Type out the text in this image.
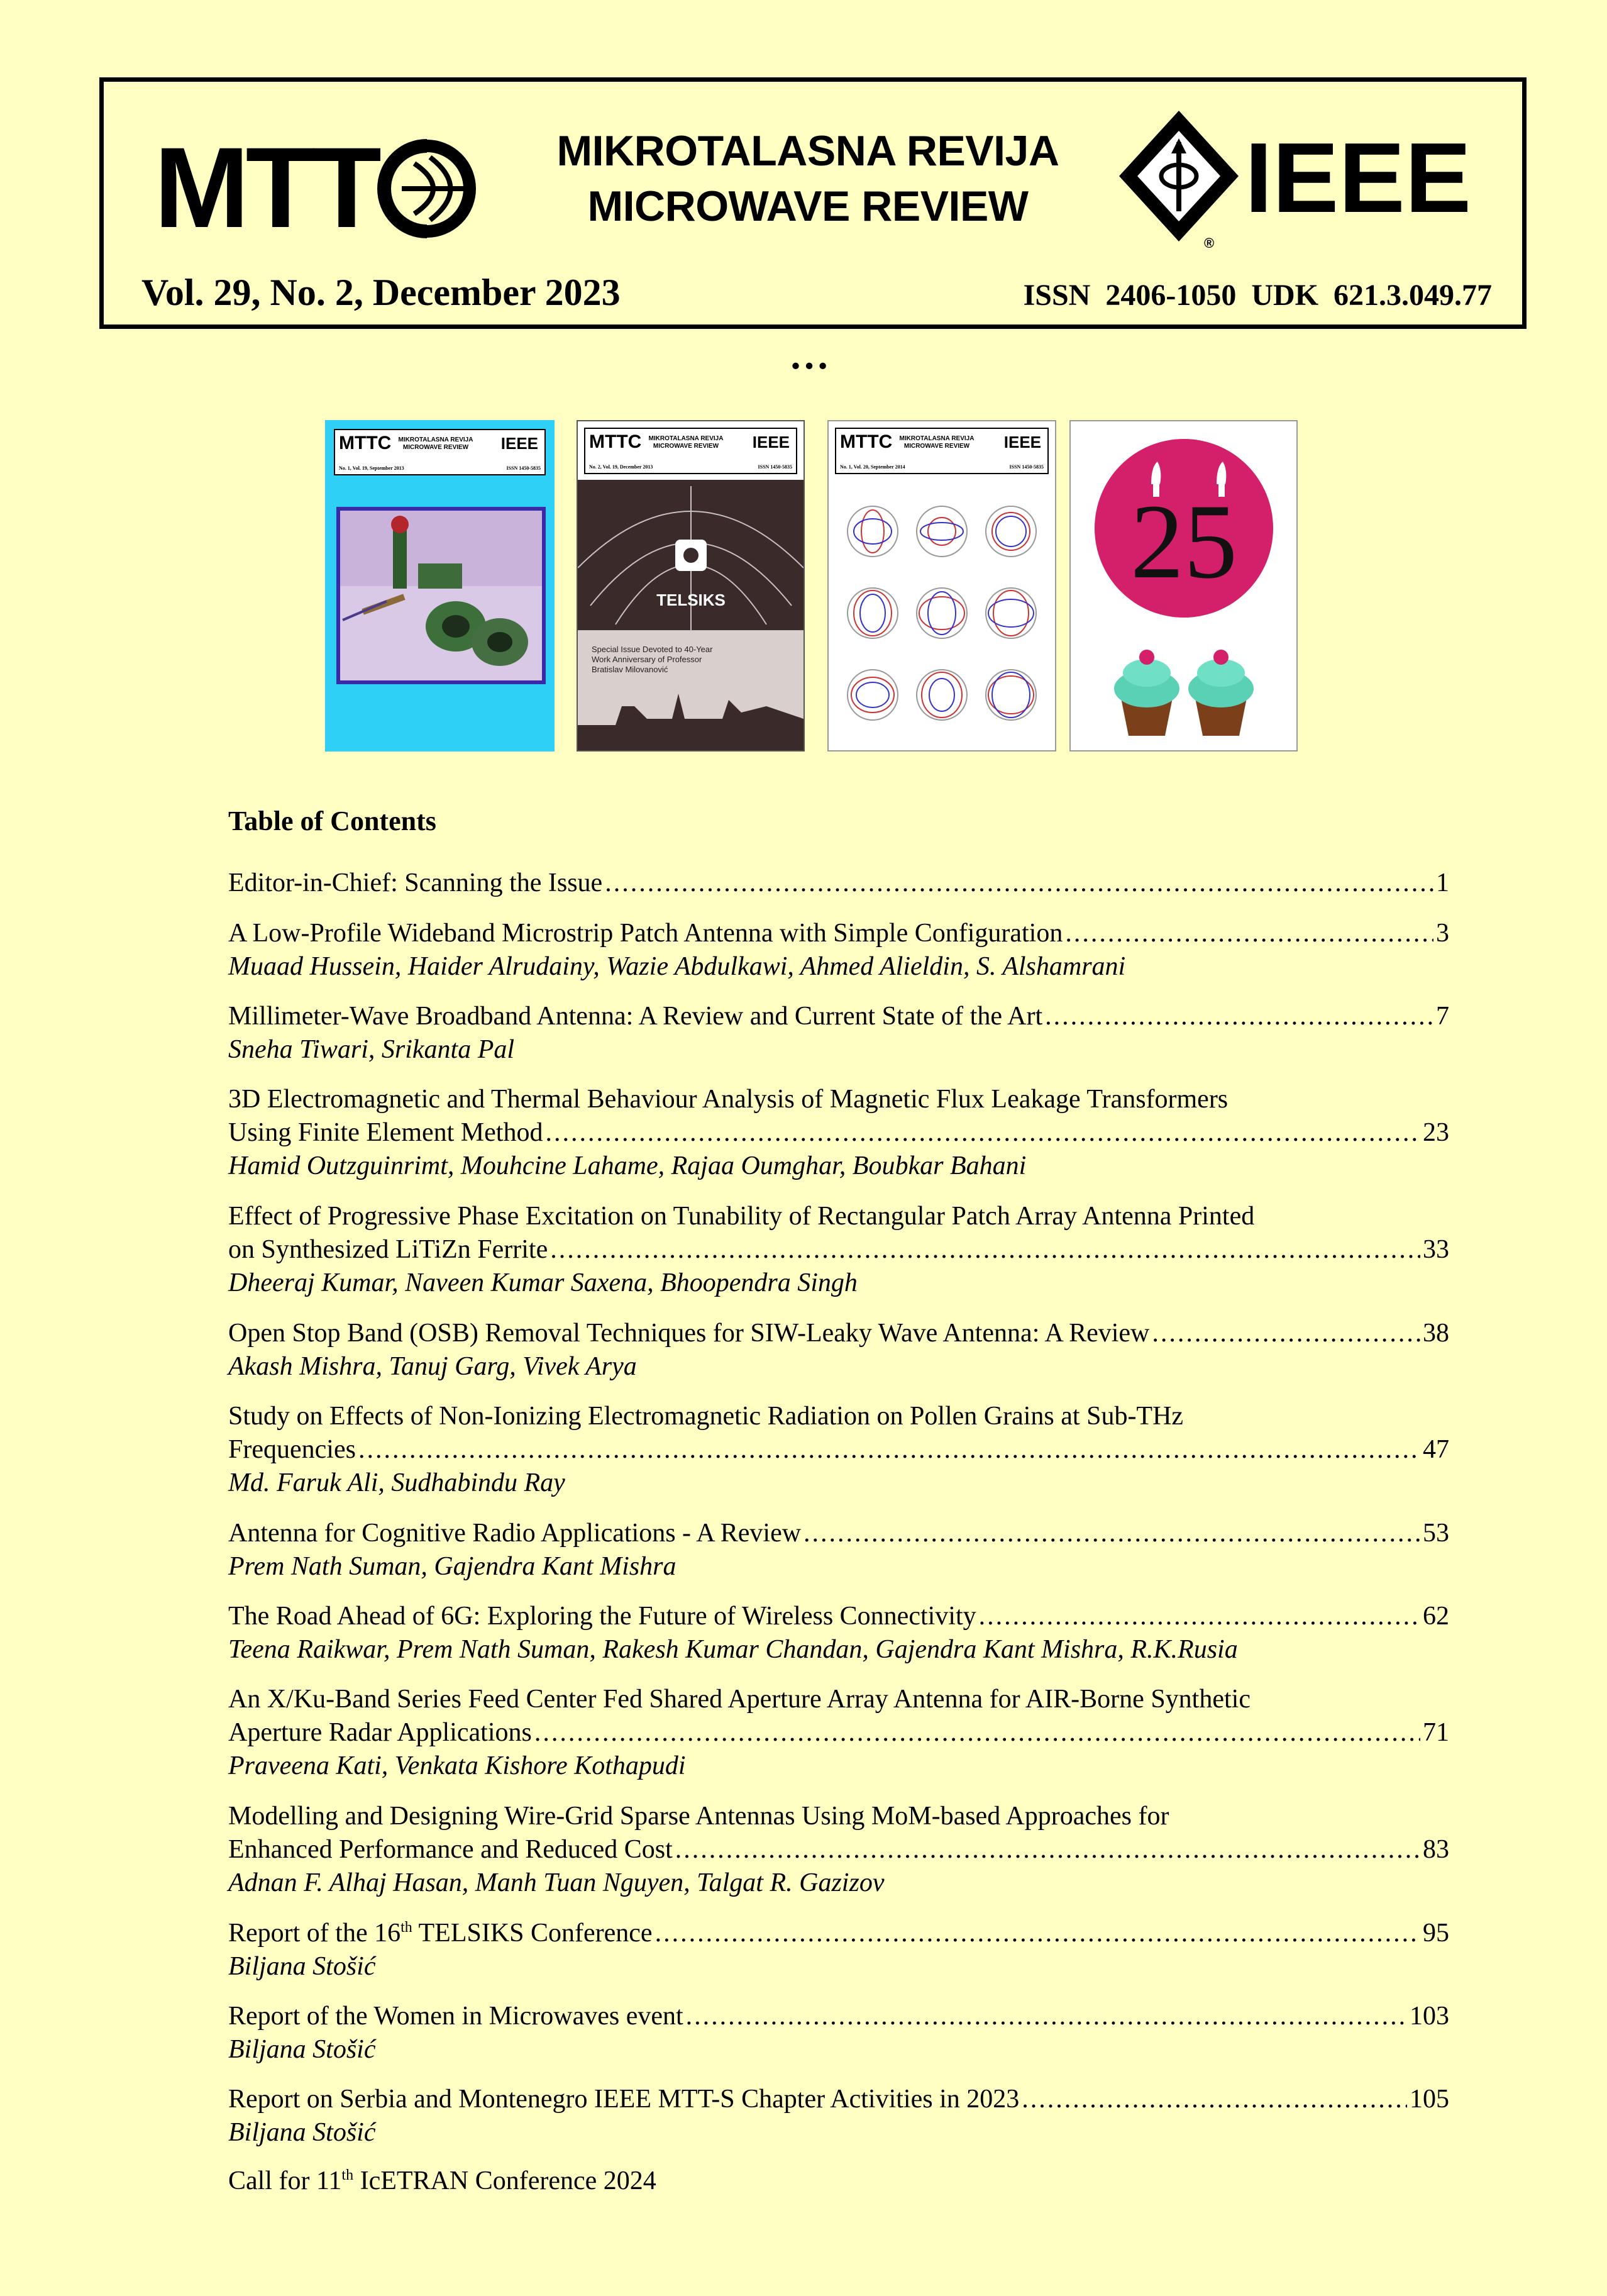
MTT	MIKROTALASNA REVIJA
MICROWAVE REVIEW
®
IEEE
Vol. 29, No. 2, December 2023	ISSN 2406-1050 UDK 621.3.049.77
…
MTTC MIKROTALASNA REVIJA MICROWAVE REVIEW	IEEE
No. 1, Vol. 19, September 2013	ISSN 1450-5835
MTTC MIKROTALASNA REVIJA MICROWAVE REVIEW	IEEE
No. 2, Vol. 19, December 2013	ISSN 1450-5835
TELSIKS
Special Issue Devoted to 40-Year Work Anniversary of Professor Bratislav Milovanović
MTTC MIKROTALASNA REVIJA MICROWAVE REVIEW	IEEE
No. 1, Vol. 20, September 2014	ISSN 1450-5835
25
Table of Contents
Editor-in-Chief: Scanning the Issue .....	1
A Low-Profile Wideband Microstrip Patch Antenna with Simple Configuration .....	3
Muaad Hussein, Haider Alrudainy, Wazie Abdulkawi, Ahmed Alieldin, S. Alshamrani
Millimeter-Wave Broadband Antenna: A Review and Current State of the Art .....	7
Sneha Tiwari, Srikanta Pal
3D Electromagnetic and Thermal Behaviour Analysis of Magnetic Flux Leakage Transformers
Using Finite Element Method .....	23
Hamid Outzguinrimt, Mouhcine Lahame, Rajaa Oumghar, Boubkar Bahani
Effect of Progressive Phase Excitation on Tunability of Rectangular Patch Array Antenna Printed
on Synthesized LiTiZn Ferrite .....	33
Dheeraj Kumar, Naveen Kumar Saxena, Bhoopendra Singh
Open Stop Band (OSB) Removal Techniques for SIW-Leaky Wave Antenna: A Review .....	38
Akash Mishra, Tanuj Garg, Vivek Arya
Study on Effects of Non-Ionizing Electromagnetic Radiation on Pollen Grains at Sub-THz
Frequencies .....	47
Md. Faruk Ali, Sudhabindu Ray
Antenna for Cognitive Radio Applications - A Review .....	53
Prem Nath Suman, Gajendra Kant Mishra
The Road Ahead of 6G: Exploring the Future of Wireless Connectivity .....	62
Teena Raikwar, Prem Nath Suman, Rakesh Kumar Chandan, Gajendra Kant Mishra, R.K.Rusia
An X/Ku-Band Series Feed Center Fed Shared Aperture Array Antenna for AIR-Borne Synthetic
Aperture Radar Applications .....	71
Praveena Kati, Venkata Kishore Kothapudi
Modelling and Designing Wire-Grid Sparse Antennas Using MoM-based Approaches for
Enhanced Performance and Reduced Cost .....	83
Adnan F. Alhaj Hasan, Manh Tuan Nguyen, Talgat R. Gazizov
Report of the 16th TELSIKS Conference .....	95
Biljana Stošić
Report of the Women in Microwaves event .....	103
Biljana Stošić
Report on Serbia and Montenegro IEEE MTT-S Chapter Activities in 2023 .....	105
Biljana Stošić
Call for 11th IcETRAN Conference 2024
